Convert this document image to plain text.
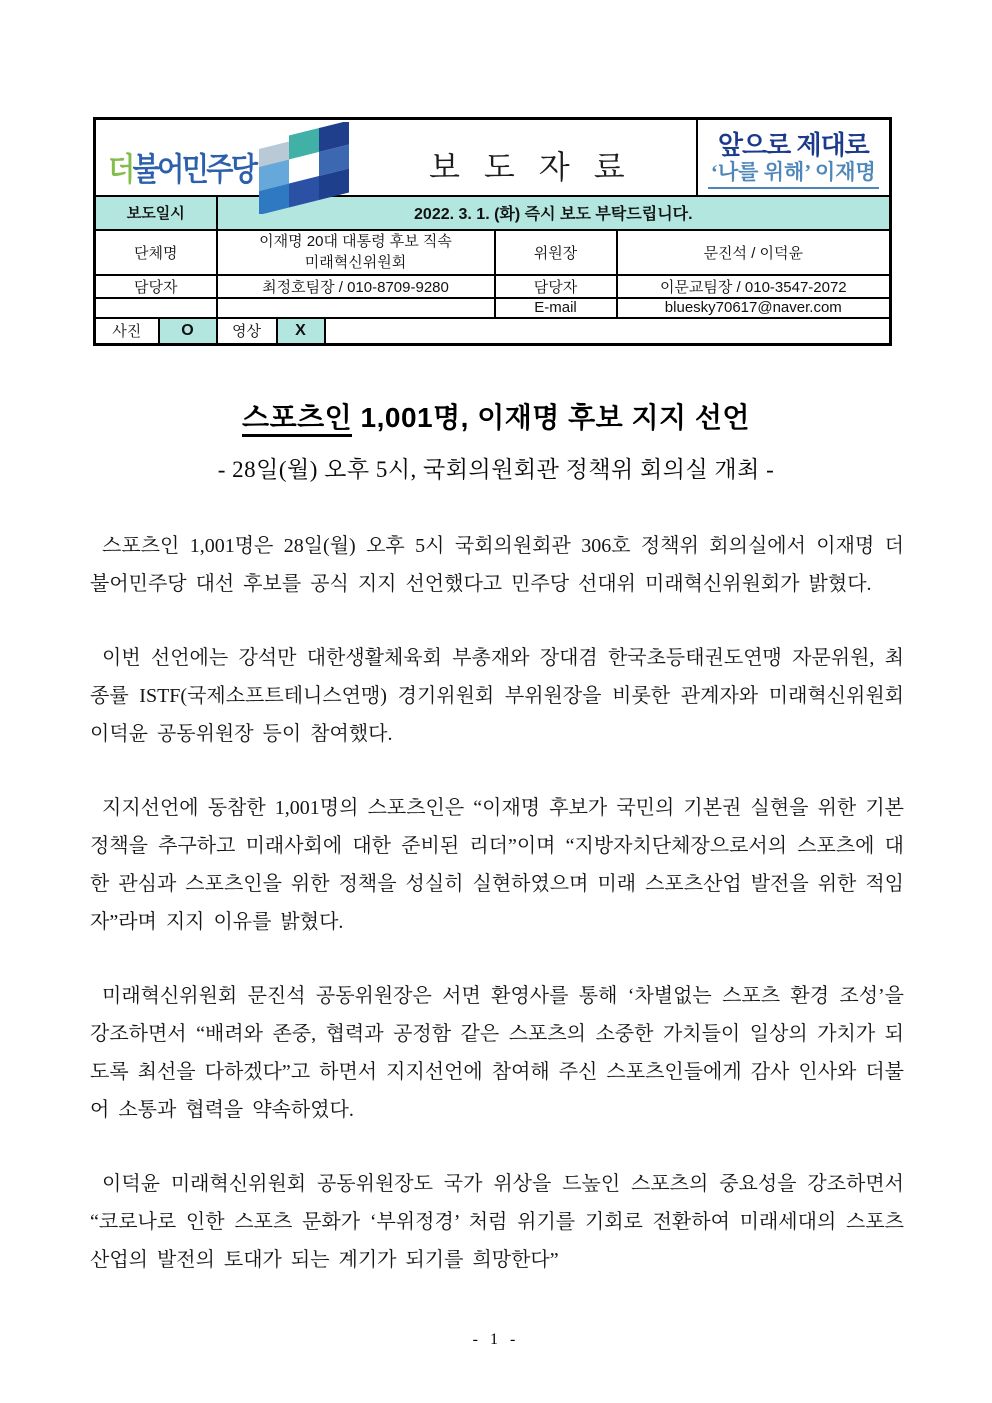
더불어민주당	보 도 자 료

앞으로 제대로
‘나를 위해’ 이재명

보도일시		2022. 3. 1. (화) 즉시 보도 부탁드립니다.					
단체명		이재명 20대 대통령 후보 직속
미래혁신위원회			위원장	문진석 / 이덕윤	
담당자		최정호팀장 / 010-8709-9280			담당자	이문교팀장 / 010-3547-2072	
					E-mail	bluesky70617@naver.com	
사진	O	영상	X				
스포츠인 1,001명, 이재명 후보 지지 선언
- 28일(월) 오후 5시, 국회의원회관 정책위 회의실 개최 -

스포츠인 1,001명은 28일(월) 오후 5시 국회의원회관 306호 정책위 회의실에서 이재명 더불어민주당 대선 후보를 공식 지지 선언했다고 민주당 선대위 미래혁신위원회가 밝혔다.

이번 선언에는 강석만 대한생활체육회 부총재와 장대겸 한국초등태권도연맹 자문위원, 최종률 ISTF(국제소프트테니스연맹) 경기위원회 부위원장을 비롯한 관계자와 미래혁신위원회 이덕윤 공동위원장 등이 참여했다.

지지선언에 동참한 1,001명의 스포츠인은 “이재명 후보가 국민의 기본권 실현을 위한 기본정책을 추구하고 미래사회에 대한 준비된 리더”이며 “지방자치단체장으로서의 스포츠에 대한 관심과 스포츠인을 위한 정책을 성실히 실현하였으며 미래 스포츠산업 발전을 위한 적임자”라며 지지 이유를 밝혔다.

미래혁신위원회 문진석 공동위원장은 서면 환영사를 통해 ‘차별없는 스포츠 환경 조성’을 강조하면서 “배려와 존중, 협력과 공정함 같은 스포츠의 소중한 가치들이 일상의 가치가 되도록 최선을 다하겠다”고 하면서 지지선언에 참여해 주신 스포츠인들에게 감사 인사와 더불어 소통과 협력을 약속하였다.

이덕윤 미래혁신위원회 공동위원장도 국가 위상을 드높인 스포츠의 중요성을 강조하면서 “코로나로 인한 스포츠 문화가 ‘부위정경’ 처럼 위기를 기회로 전환하여 미래세대의 스포츠 산업의 발전의 토대가 되는 계기가 되기를 희망한다”

- 1 -
